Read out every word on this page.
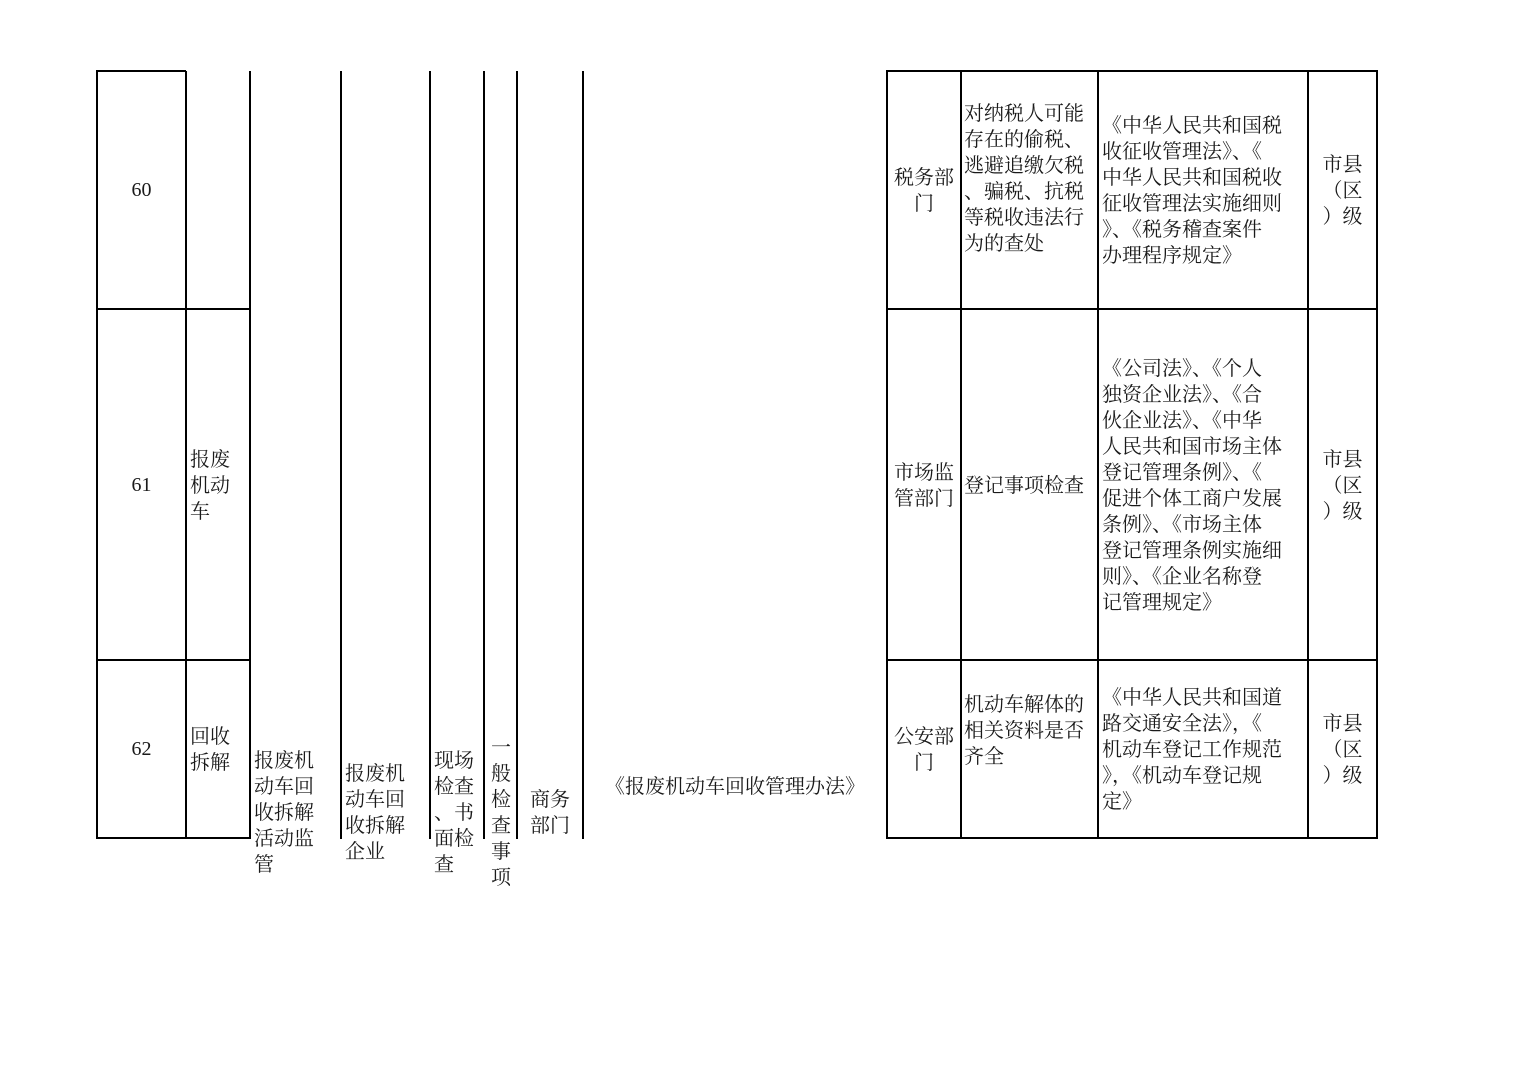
60
税务部
门

对纳税人可能
存在的偷税、
逃避追缴欠税
、骗税、抗税
等税收违法行
为的查处

《中华人民共和国税
收征收管理法》、《
中华人民共和国税收
征收管理法实施细则
》、《税务稽查案件
办理程序规定》
市县
（区
）级
61
报废
机动
车
市场监
管部门
登记事项检查
《公司法》、《个人
独资企业法》、《合
伙企业法》、《中华
人民共和国市场主体
登记管理条例》、《
促进个体工商户发展
条例》、《市场主体
登记管理条例实施细
则》、《企业名称登
记管理规定》
市县
（区
）级
62
回收
拆解
公安部
门

机动车解体的
相关资料是否
齐全

《中华人民共和国道
路交通安全法》，《
机动车登记工作规范
》，《机动车登记规
定》
市县
（区
）级

报废机
动车回
收拆解
活动监
管

报废机
动车回
收拆解
企业

现场
检查
、书
面检
查

一
般
检
查
事
项

商务
部门

《报废机动车回收管理办法》
